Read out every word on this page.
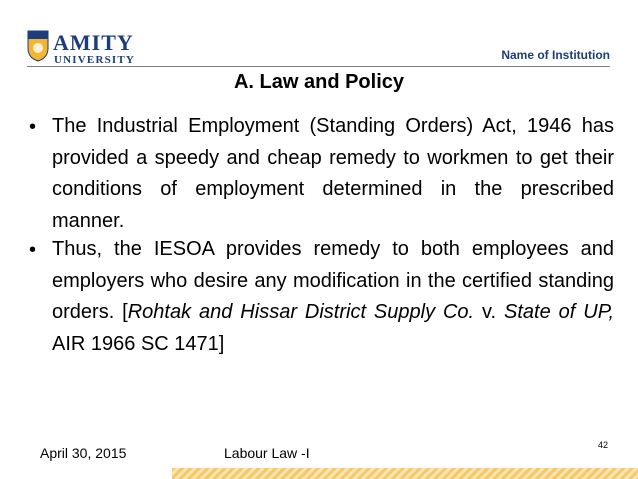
AMITY
UNIVERSITY	Name of Institution
A. Law and Policy
• The Industrial Employment (Standing Orders) Act, 1946 has provided a speedy and cheap remedy to workmen to get their conditions of employment determined in the prescribed manner.
• Thus, the IESOA provides remedy to both employees and employers who desire any modification in the certified standing orders. [Rohtak and Hissar District Supply Co. v. State of UP, AIR 1966 SC 1471]
April 30, 2015	Labour Law -I	42
